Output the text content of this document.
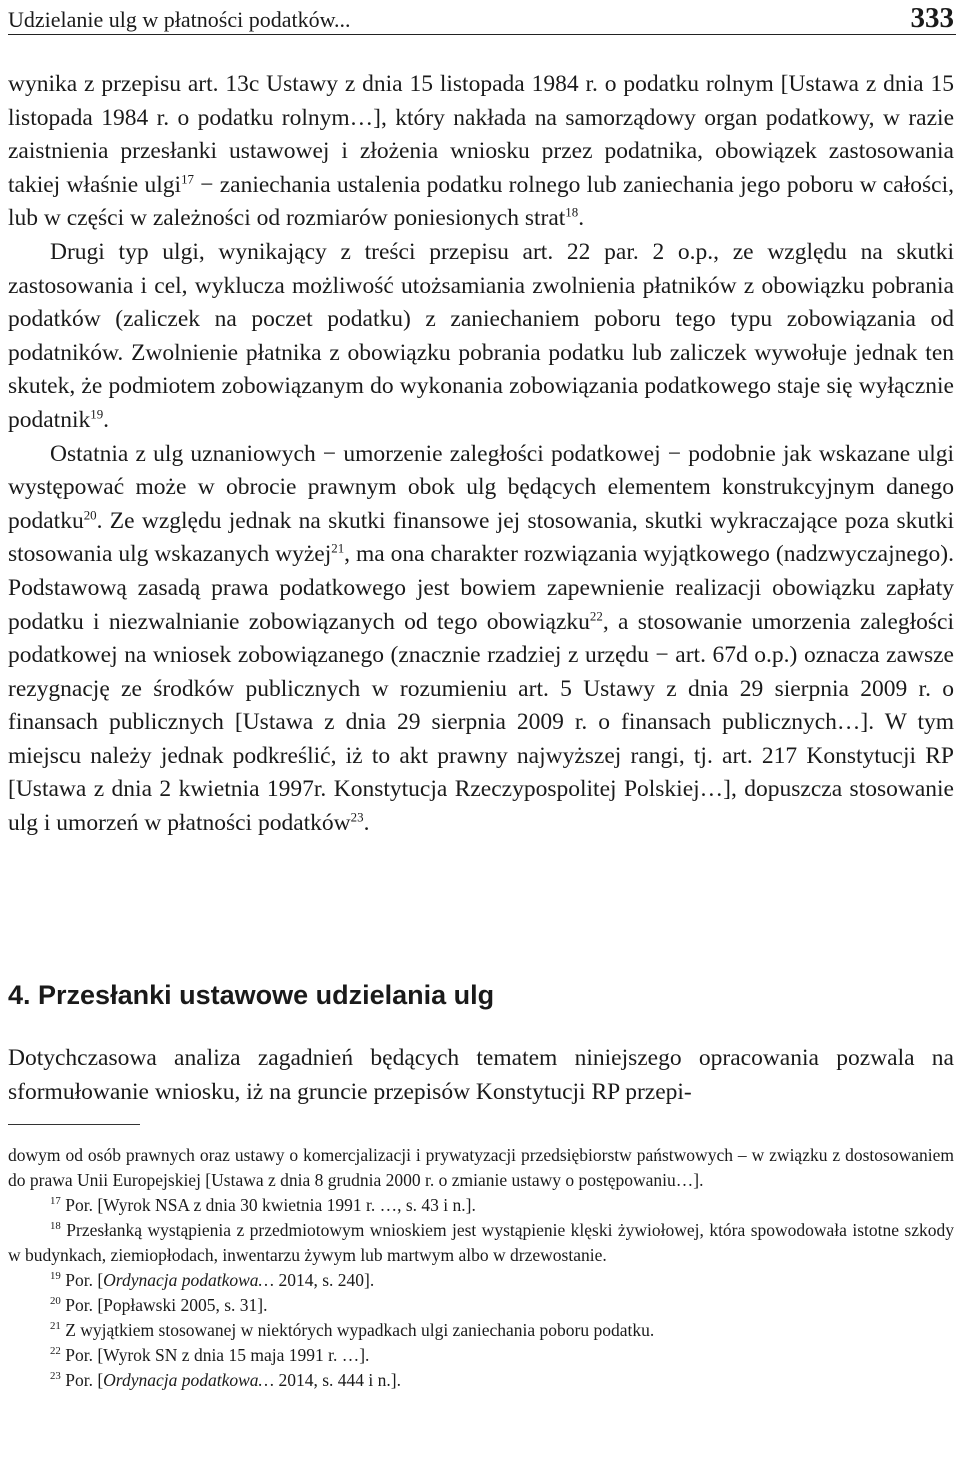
Udzielanie ulg w płatności podatków...	333

wynika z przepisu art. 13c Ustawy z dnia 15 listopada 1984 r. o podatku rolnym [Ustawa z dnia 15 listopada 1984 r. o podatku rolnym…], który nakłada na samorządowy organ podatkowy, w razie zaistnienia przesłanki ustawowej i złożenia wniosku przez podatnika, obowiązek zastosowania takiej właśnie ulgi$^{17}$ − zaniechania ustalenia podatku rolnego lub zaniechania jego poboru w całości, lub w części w zależności od rozmiarów poniesionych strat$^{18}$.

Drugi typ ulgi, wynikający z treści przepisu art. 22 par. 2 o.p., ze względu na skutki zastosowania i cel, wyklucza możliwość utożsamiania zwolnienia płatników z obowiązku pobrania podatków (zaliczek na poczet podatku) z zaniechaniem poboru tego typu zobowiązania od podatników. Zwolnienie płatnika z obowiązku pobrania podatku lub zaliczek wywołuje jednak ten skutek, że podmiotem zobowiązanym do wykonania zobowiązania podatkowego staje się wyłącznie podatnik$^{19}$.

Ostatnia z ulg uznaniowych − umorzenie zaległości podatkowej − podobnie jak wskazane ulgi występować może w obrocie prawnym obok ulg będących elementem konstrukcyjnym danego podatku$^{20}$. Ze względu jednak na skutki finansowe jej stosowania, skutki wykraczające poza skutki stosowania ulg wskazanych wyżej$^{21}$, ma ona charakter rozwiązania wyjątkowego (nadzwyczajnego). Podstawową zasadą prawa podatkowego jest bowiem zapewnienie realizacji obowiązku zapłaty podatku i niezwalnianie zobowiązanych od tego obowiązku$^{22}$, a stosowanie umorzenia zaległości podatkowej na wniosek zobowiązanego (znacznie rzadziej z urzędu − art. 67d o.p.) oznacza zawsze rezygnację ze środków publicznych w rozumieniu art. 5 Ustawy z dnia 29 sierpnia 2009 r. o finansach publicznych [Ustawa z dnia 29 sierpnia 2009 r. o finansach publicznych…]. W tym miejscu należy jednak podkreślić, iż to akt prawny najwyższej rangi, tj. art. 217 Konstytucji RP [Ustawa z dnia 2 kwietnia 1997r. Konstytucja Rzeczypospolitej Polskiej…], dopuszcza stosowanie ulg i umorzeń w płatności podatków$^{23}$.

4. Przesłanki ustawowe udzielania ulg

Dotychczasowa analiza zagadnień będących tematem niniejszego opracowania pozwala na sformułowanie wniosku, iż na gruncie przepisów Konstytucji RP przepi-

dowym od osób prawnych oraz ustawy o komercjalizacji i prywatyzacji przedsiębiorstw państwowych – w związku z dostosowaniem do prawa Unii Europejskiej [Ustawa z dnia 8 grudnia 2000 r. o zmianie ustawy o postępowaniu…].

$^{17}$ Por. [Wyrok NSA z dnia 30 kwietnia 1991 r. …, s. 43 i n.].

$^{18}$ Przesłanką wystąpienia z przedmiotowym wnioskiem jest wystąpienie klęski żywiołowej, która spowodowała istotne szkody w budynkach, ziemiopłodach, inwentarzu żywym lub martwym albo w drzewostanie.

$^{19}$ Por. [Ordynacja podatkowa… 2014, s. 240].

$^{20}$ Por. [Popławski 2005, s. 31].

$^{21}$ Z wyjątkiem stosowanej w niektórych wypadkach ulgi zaniechania poboru podatku.

$^{22}$ Por. [Wyrok SN z dnia 15 maja 1991 r. …].

$^{23}$ Por. [Ordynacja podatkowa… 2014, s. 444 i n.].
